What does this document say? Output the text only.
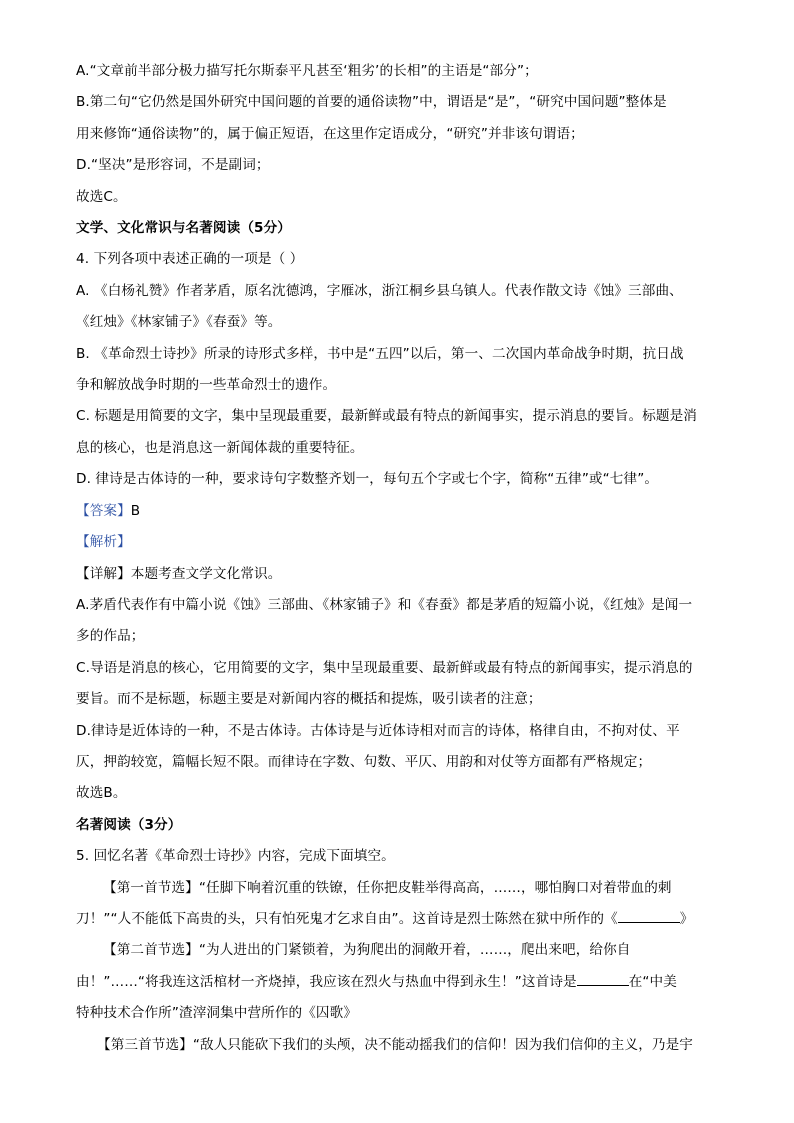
A.“文章前半部分极力描写托尔斯泰平凡甚至‘粗劣’的长相”的主语是“部分”；
B.第二句“它仍然是国外研究中国问题的首要的通俗读物”中，谓语是“是”，“研究中国问题”整体是
用来修饰“通俗读物”的，属于偏正短语，在这里作定语成分，“研究”并非该句谓语；
D.“坚决”是形容词，不是副词；
故选C。
文学、文化常识与名著阅读（5分）
4. 下列各项中表述正确的一项是（ ）
A. 《白杨礼赞》作者茅盾，原名沈德鸿，字雁冰，浙江桐乡县乌镇人。代表作散文诗《蚀》三部曲、
《红烛》《林家铺子》《春蚕》等。
B. 《革命烈士诗抄》所录的诗形式多样，书中是“五四”以后，第一、二次国内革命战争时期，抗日战
争和解放战争时期的一些革命烈士的遗作。
C. 标题是用简要的文字，集中呈现最重要，最新鲜或最有特点的新闻事实，提示消息的要旨。标题是消
息的核心，也是消息这一新闻体裁的重要特征。
D. 律诗是古体诗的一种，要求诗句字数整齐划一，每句五个字或七个字，简称“五律”或“七律”。
【答案】B
【解析】
【详解】本题考查文学文化常识。
A.茅盾代表作有中篇小说《蚀》三部曲、《林家铺子》和《春蚕》都是茅盾的短篇小说，《红烛》是闻一
多的作品；
C.导语是消息的核心，它用简要的文字，集中呈现最重要、最新鲜或最有特点的新闻事实，提示消息的
要旨。而不是标题，标题主要是对新闻内容的概括和提炼，吸引读者的注意；
D.律诗是近体诗的一种，不是古体诗。古体诗是与近体诗相对而言的诗体，格律自由，不拘对仗、平
仄，押韵较宽，篇幅长短不限。而律诗在字数、句数、平仄、用韵和对仗等方面都有严格规定；
故选B。
名著阅读（3分）
5. 回忆名著《革命烈士诗抄》内容，完成下面填空。
【第一首节选】“任脚下响着沉重的铁镣，任你把皮鞋举得高高，……，哪怕胸口对着带血的刺
刀！”“人不能低下高贵的头，只有怕死鬼才乞求自由”。这首诗是烈士陈然在狱中所作的《	》
【第二首节选】“为人进出的门紧锁着，为狗爬出的洞敞开着，……，爬出来吧，给你自
由！”……“将我连这活棺材一齐烧掉，我应该在烈火与热血中得到永生！”这首诗是	在“中美
特种技术合作所”渣滓洞集中营所作的《囚歌》
【第三首节选】“敌人只能砍下我们的头颅，决不能动摇我们的信仰！因为我们信仰的主义，乃是宇
